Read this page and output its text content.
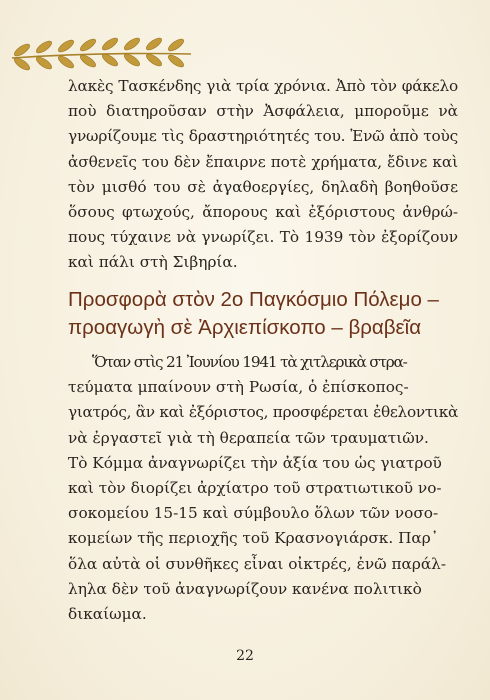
λακὲς Τασκένδης γιὰ τρία χρόνια. Ἀπὸ τὸν φάκελο
ποὺ διατηροῦσαν στὴν Ἀσφάλεια, μποροῦμε νὰ
γνωρίζουμε τὶς δραστηριότητές του. Ἐνῶ ἀπὸ τοὺς
ἀσθενεῖς του δὲν ἔπαιρνε ποτὲ χρήματα, ἔδινε καὶ
τὸν μισθό του σὲ ἀγαθοεργίες, δηλαδὴ βοηθοῦσε
ὅσους φτωχούς, ἄπορους καὶ ἐξόριστους ἀνθρώ-
πους τύχαινε νὰ γνωρίζει. Τὸ 1939 τὸν ἐξορίζουν
καὶ πάλι στὴ Σιβηρία.
Προσφορὰ στὸν 2ο Παγκόσμιο Πόλεμο –
προαγωγὴ σὲ Ἀρχιεπίσκοπο – βραβεῖα
Ὅταν στὶς 21 Ἰουνίου 1941 τὰ χιτλερικὰ στρα-
τεύματα μπαίνουν στὴ Ρωσία, ὁ ἐπίσκοπος-
γιατρός, ἂν καὶ ἐξόριστος, προσφέρεται ἐθελοντικὰ
νὰ ἐργαστεῖ γιὰ τὴ θεραπεία τῶν τραυματιῶν.
Τὸ Κόμμα ἀναγνωρίζει τὴν ἀξία του ὡς γιατροῦ
καὶ τὸν διορίζει ἀρχίατρο τοῦ στρατιωτικοῦ νο-
σοκομείου 15-15 καὶ σύμβουλο ὅλων τῶν νοσο-
κομείων τῆς περιοχῆς τοῦ Κρασνογιάρσκ. Παρ᾿
ὅλα αὐτὰ οἱ συνθῆκες εἶναι οἰκτρές, ἐνῶ παράλ-
ληλα δὲν τοῦ ἀναγνωρίζουν κανένα πολιτικὸ
δικαίωμα.
22
